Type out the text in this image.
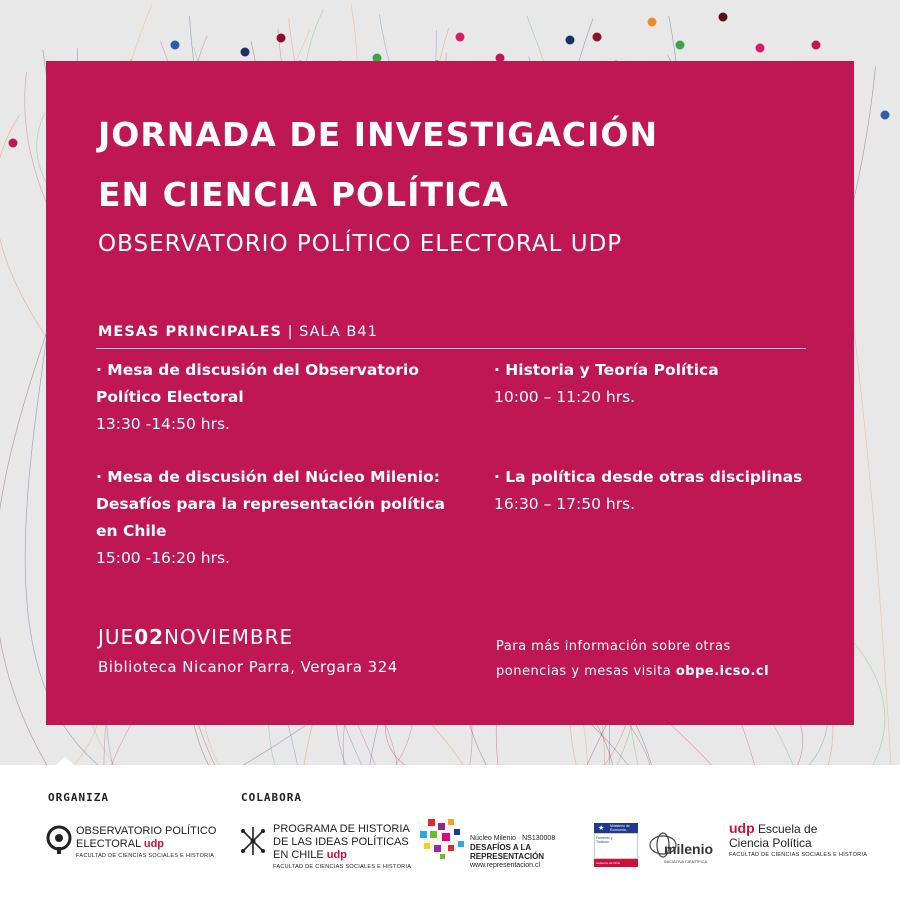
JORNADA DE INVESTIGACIÓN
EN CIENCIA POLÍTICA
OBSERVATORIO POLÍTICO ELECTORAL UDP
MESAS PRINCIPALES | SALA B41
· Mesa de discusión del Observatorio
Político Electoral
13:30 -14:50 hrs.
· Historia y Teoría Política
10:00 – 11:20 hrs.
· Mesa de discusión del Núcleo Milenio:
Desafíos para la representación política
en Chile
15:00 -16:20 hrs.
· La política desde otras disciplinas
16:30 – 17:50 hrs.
JUE02NOVIEMBRE
Biblioteca Nicanor Parra, Vergara 324
Para más información sobre otras
ponencias y mesas visita obpe.icso.cl
ORGANIZA	COLABORA
OBSERVATORIO POLÍTICO
ELECTORAL udp
FACULTAD DE CIENCIAS SOCIALES E HISTORIA
PROGRAMA DE HISTORIA
DE LAS IDEAS POLÍTICAS
EN CHILE udp
FACULTAD DE CIENCIAS SOCIALES E HISTORIA
Núcleo Milenio · NS130008
DESAFÍOS A LA REPRESENTACIÓN
www.representacion.cl
★ Ministerio de
Economía,
Fomento y
Turismo
Gobierno de Chile
milenio
INICIATIVA CIENTÍFICA
udp Escuela de
Ciencia Política
FACULTAD DE CIENCIAS SOCIALES E HISTORIA
